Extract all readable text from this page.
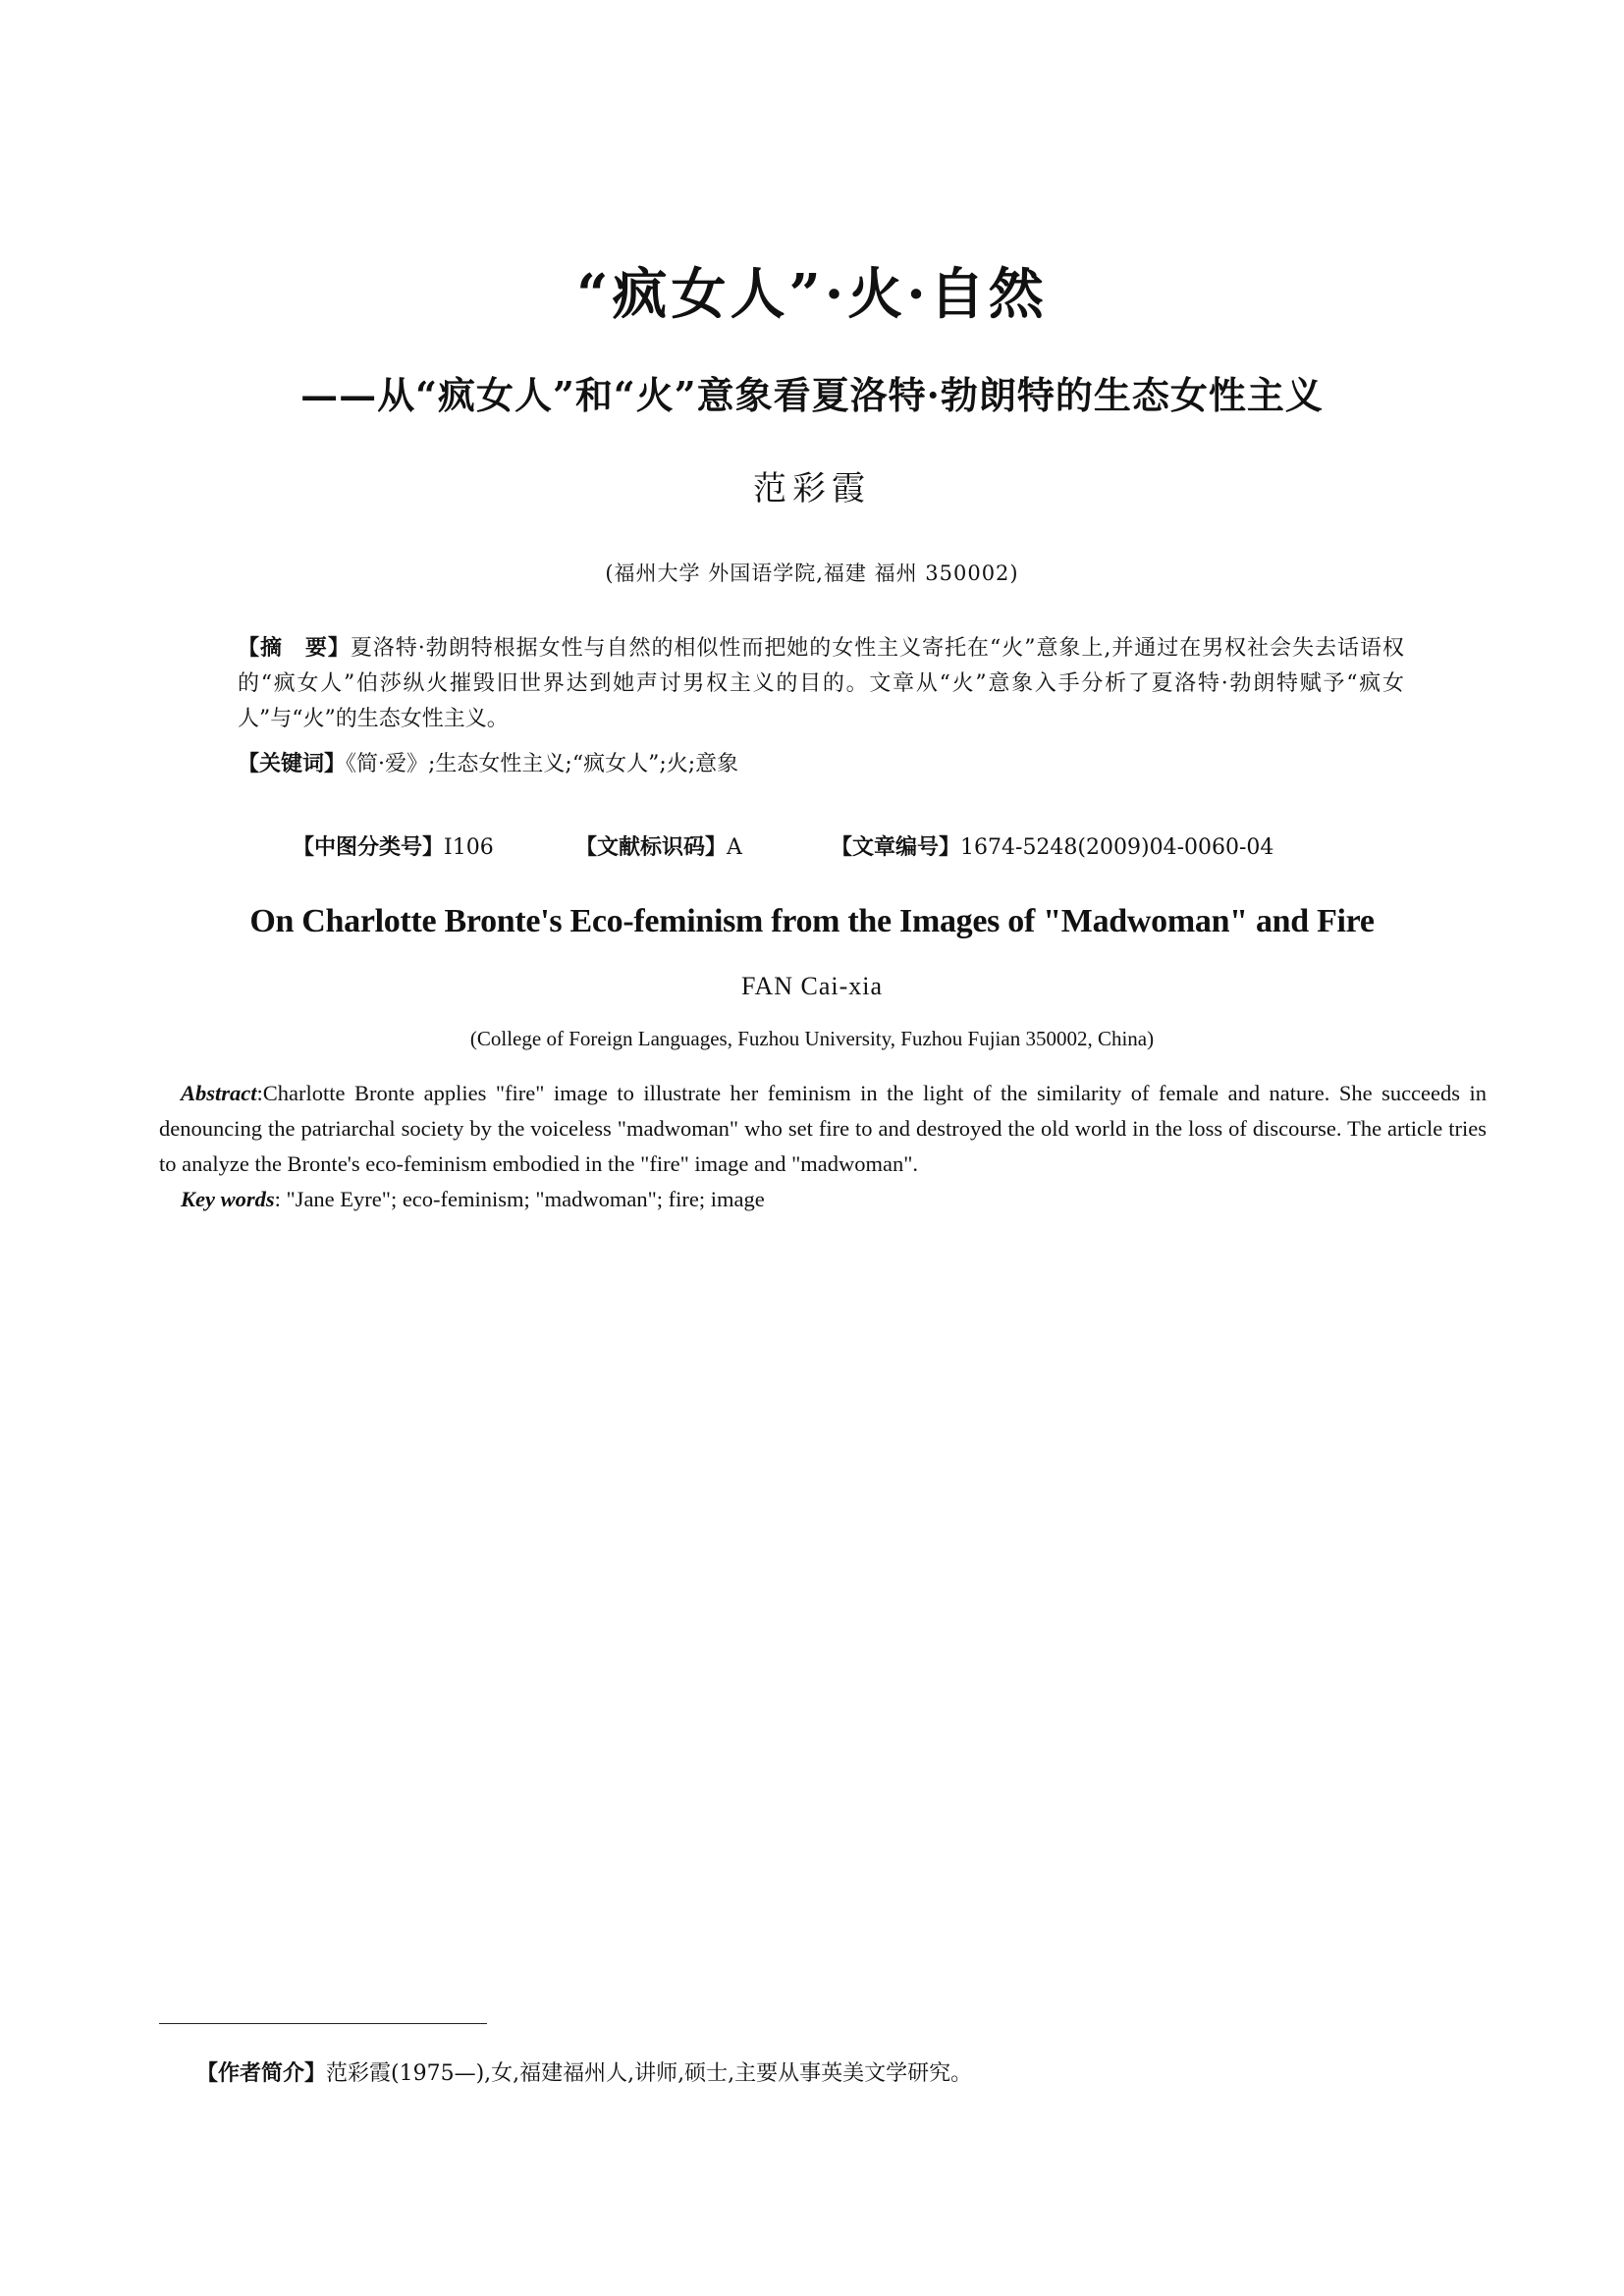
“疯女人”·火·自然
——从“疯女人”和“火”意象看夏洛特·勃朗特的生态女性主义
范彩霞
(福州大学 外国语学院,福建 福州 350002)
【摘　要】夏洛特·勃朗特根据女性与自然的相似性而把她的女性主义寄托在“火”意象上,并通过在男权社会失去话语权的“疯女人”伯莎纵火摧毁旧世界达到她声讨男权主义的目的。文章从“火”意象入手分析了夏洛特·勃朗特赋予“疯女人”与“火”的生态女性主义。
【关键词】《简·爱》;生态女性主义;“疯女人”;火;意象
【中图分类号】I106	【文献标识码】A	【文章编号】1674-5248(2009)04-0060-04
On Charlotte Bronte's Eco-feminism from the Images of "Madwoman" and Fire
FAN Cai-xia
(College of Foreign Languages, Fuzhou University, Fuzhou Fujian 350002, China)
Abstract:Charlotte Bronte applies "fire" image to illustrate her feminism in the light of the similarity of female and nature. She succeeds in denouncing the patriarchal society by the voiceless "madwoman" who set fire to and destroyed the old world in the loss of discourse. The article tries to analyze the Bronte's eco-feminism embodied in the "fire" image and "madwoman".
Key words: "Jane Eyre"; eco-feminism; "madwoman"; fire; image
【作者简介】范彩霞(1975—),女,福建福州人,讲师,硕士,主要从事英美文学研究。
